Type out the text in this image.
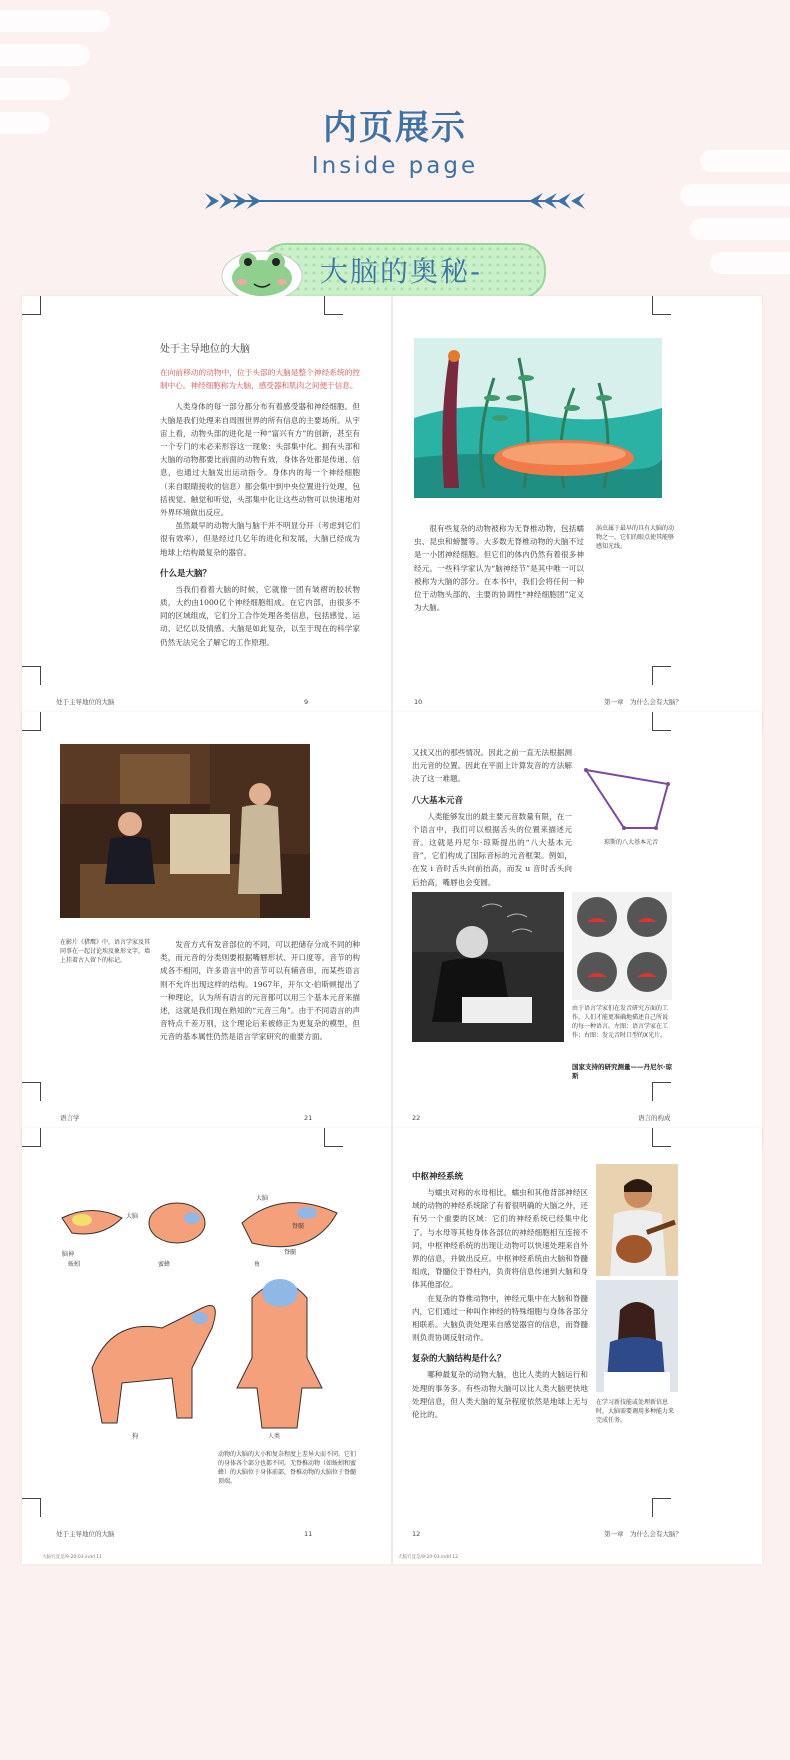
内页展示
Inside page
大脑的奥秘-
处于主导地位的大脑

在向前移动的动物中，位于头部的大脑是整个神经系统的控制中心。神经细胞称为大脑，感受器和肌肉之间便于信息。

人类身体的每一部分都分布有着感受器和神经细胞。但大脑是我们处理来自周围世界的所有信息的主要场所。从宇宙上看，动物头部的进化是一种“富兴有方”的创新，甚至有一个专门的未必来形容这一现象：头部集中化。拥有头部和大脑的动物都要比前面的动物有效，身体各处都是传递、信息，也通过大脑发出运动指令。身体内的每一个神经细胞（来自眼睛接收的信息）都会集中到中央位置进行处理，包括视觉、触觉和听觉，头部集中化让这些动物可以快速地对外界环境做出反应。

虽然最早的动物大脑与脑干并不明显分开（考虑到它们很有效率），但是经过几亿年的进化和发展，大脑已经成为地球上结构最复杂的器官。

什么是大脑？

当我们看着大脑的时候，它就像一团有皱褶的胶状物质，大约由1000亿个神经细胞组成。在它内部，由很多不同的区域组成，它们分工合作处理各类信息，包括感觉、运动、记忆以及情感。大脑是如此复杂，以至于现在的科学家仍然无法完全了解它的工作原理。

处于主导地位的大脑	9

很有些复杂的动物被称为无脊椎动物，包括蠕虫、昆虫和螃蟹等。大多数无脊椎动物的大脑不过是一小团神经细胞。但它们的体内仍然有着很多神经元。一些科学家认为“脑神经节”是其中唯一可以被称为大脑的部分。在本书中，我们会将任何一种位于动物头部的、主要的协调性“神经细胞团”定义为大脑。

涡虫属于最早的具有大脑的动物之一，它们的眼点使其能够感知光线。
10	第一章　为什么会有大脑？
在影片《猎鹰》中，语言学家及其同事在一起讨论埃及象形文字，墙上挂着古人留下的标记。

发音方式有发音部位的不同，可以把储存分成不同的种类，而元音的分类则要根据嘴唇形状、开口度等。音节的构成各不相同，许多语言中的音节可以有辅音串，而某些语言则不允许出现这样的结构。1967年，开尔文·伯斯顿提出了一种理论，认为所有语言的元音都可以用三个基本元音来描述，这就是我们现在熟知的“元音三角”。由于不同语言的声音特点千差万别，这个理论后来被修正为更复杂的模型，但元音的基本属性仍然是语言学家研究的重要方面。

语言学	21

又找又出的那些情况。因此之前一直无法根据测出元音的位置。因此在平面上计算发音的方法解决了这一难题。

八大基本元音

人类能够发出的最主要元音数量有限，在一个语言中，我们可以根据舌头的位置来描述元音。这就是丹尼尔·琼斯提出的“八大基本元音”，它们构成了国际音标的元音框架。例如，在发 i 音时舌头向前抬高，而发 u 音时舌头向后抬高，嘴唇也会变圆。

琼斯的八大基本元音
由于语言学家们在发音研究方面的工作，人们才能更准确地描述自己所说的每一种语言。左图：语言学家在工作；右图：发元音时口型的X光片。
国家支持的研究测量——丹尼尔·琼斯
22	语言的构成
脑神
大脑
脊髓
大脑
脊髓
蚯蚓	蜜蜂	鱼
狗	人类
动物的大脑的大小和复杂程度上差异大而不同。它们的身体各个部分也都不同。无脊椎动物（如蚯蚓和蜜蜂）的大脑位于身体前部，脊椎动物的大脑位于脊髓顶端。
处于主导地位的大脑	11
大脑究竟是/9-20-03.indd 11
中枢神经系统

与蠕虫对称的水母相比，蠕虫和其他背部神经区域的动物的神经系统除了有着很明确的大脑之外，还有另一个重要的区域：它们的神经系统已经集中化了。与水母等其他身体各部位的神经细胞相互连接不同，中枢神经系统的出现让动物可以快速处理来自外界的信息，并做出反应。中枢神经系统由大脑和脊髓组成，脊髓位于脊柱内，负责将信息传递到大脑和身体其他部位。

在复杂的脊椎动物中，神经元集中在大脑和脊髓内，它们通过一种叫作神经的特殊细胞与身体各部分相联系。大脑负责处理来自感觉器官的信息，而脊髓则负责协调反射动作。

复杂的大脑结构是什么？

哪种最复杂的动物大脑，也比人类的大脑运行和处理的事务多。有些动物大脑可以比人类大脑更快地处理信息，但人类大脑的复杂程度依然是地球上无与伦比的。

在学习新技能或处理新信息时，大脑需要调用多种能力来完成任务。
12	第一章　为什么会有大脑？
大脑究竟是/9-20-03.indd 12
